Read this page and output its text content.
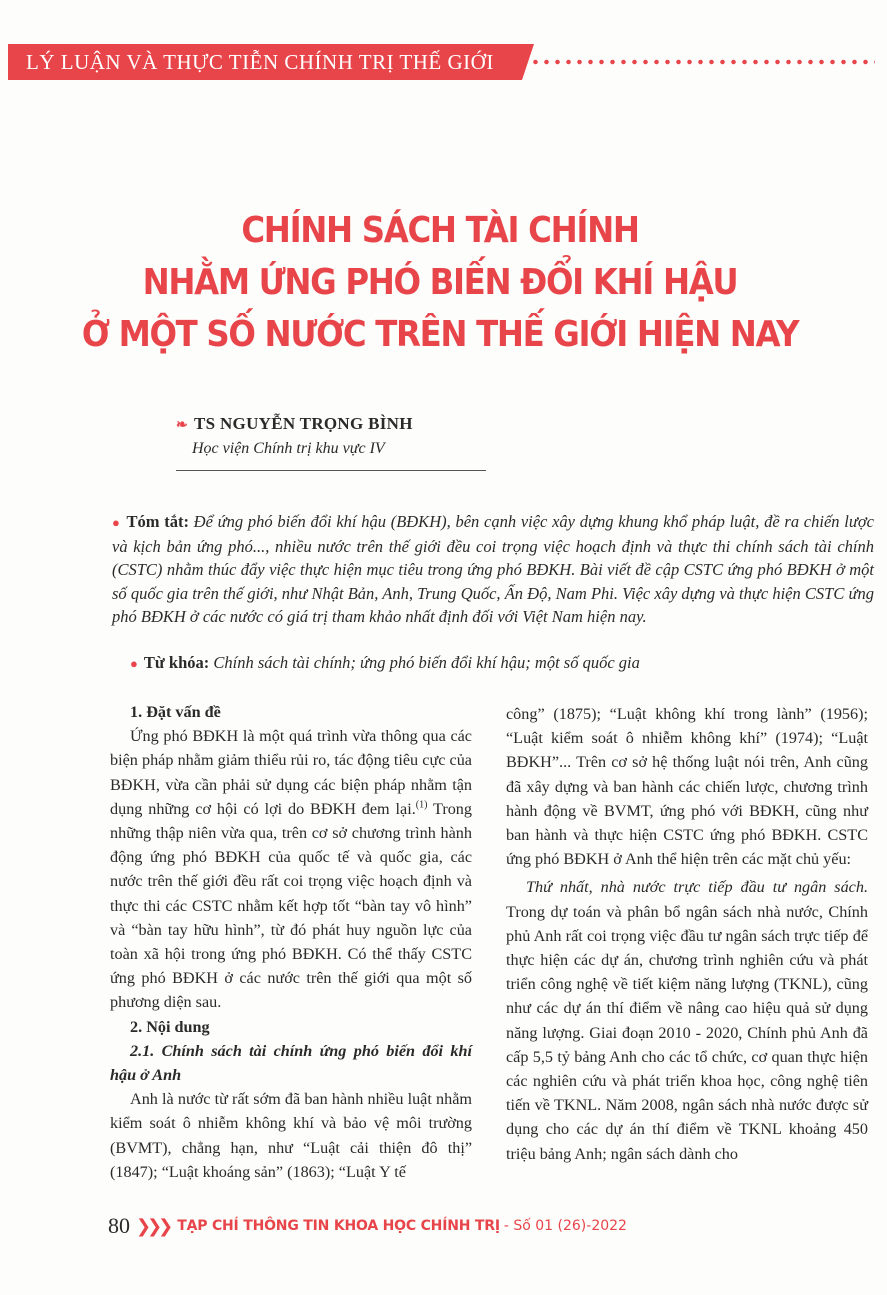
LÝ LUẬN VÀ THỰC TIỄN CHÍNH TRỊ THẾ GIỚI
CHÍNH SÁCH TÀI CHÍNH
NHẰM ỨNG PHÓ BIẾN ĐỔI KHÍ HẬU
Ở MỘT SỐ NƯỚC TRÊN THẾ GIỚI HIỆN NAY
❧ TS NGUYỄN TRỌNG BÌNH
Học viện Chính trị khu vực IV
● Tóm tắt: Để ứng phó biến đổi khí hậu (BĐKH), bên cạnh việc xây dựng khung khổ pháp luật, đề ra chiến lược và kịch bản ứng phó..., nhiều nước trên thế giới đều coi trọng việc hoạch định và thực thi chính sách tài chính (CSTC) nhằm thúc đẩy việc thực hiện mục tiêu trong ứng phó BĐKH. Bài viết đề cập CSTC ứng phó BĐKH ở một số quốc gia trên thế giới, như Nhật Bản, Anh, Trung Quốc, Ấn Độ, Nam Phi. Việc xây dựng và thực hiện CSTC ứng phó BĐKH ở các nước có giá trị tham khảo nhất định đối với Việt Nam hiện nay.
● Từ khóa: Chính sách tài chính; ứng phó biến đổi khí hậu; một số quốc gia
1. Đặt vấn đề

Ứng phó BĐKH là một quá trình vừa thông qua các biện pháp nhằm giảm thiểu rủi ro, tác động tiêu cực của BĐKH, vừa cần phải sử dụng các biện pháp nhằm tận dụng những cơ hội có lợi do BĐKH đem lại.$^{(1)}$ Trong những thập niên vừa qua, trên cơ sở chương trình hành động ứng phó BĐKH của quốc tế và quốc gia, các nước trên thế giới đều rất coi trọng việc hoạch định và thực thi các CSTC nhằm kết hợp tốt “bàn tay vô hình” và “bàn tay hữu hình”, từ đó phát huy nguồn lực của toàn xã hội trong ứng phó BĐKH. Có thể thấy CSTC ứng phó BĐKH ở các nước trên thế giới qua một số phương diện sau.

2. Nội dung
2.1. Chính sách tài chính ứng phó biến đổi khí hậu ở Anh

Anh là nước từ rất sớm đã ban hành nhiều luật nhằm kiểm soát ô nhiễm không khí và bảo vệ môi trường (BVMT), chẳng hạn, như “Luật cải thiện đô thị” (1847); “Luật khoáng sản” (1863); “Luật Y tế

công” (1875); “Luật không khí trong lành” (1956); “Luật kiểm soát ô nhiễm không khí” (1974); “Luật BĐKH”... Trên cơ sở hệ thống luật nói trên, Anh cũng đã xây dựng và ban hành các chiến lược, chương trình hành động về BVMT, ứng phó với BĐKH, cũng như ban hành và thực hiện CSTC ứng phó BĐKH. CSTC ứng phó BĐKH ở Anh thể hiện trên các mặt chủ yếu:

Thứ nhất, nhà nước trực tiếp đầu tư ngân sách. Trong dự toán và phân bổ ngân sách nhà nước, Chính phủ Anh rất coi trọng việc đầu tư ngân sách trực tiếp để thực hiện các dự án, chương trình nghiên cứu và phát triển công nghệ về tiết kiệm năng lượng (TKNL), cũng như các dự án thí điểm về nâng cao hiệu quả sử dụng năng lượng. Giai đoạn 2010 - 2020, Chính phủ Anh đã cấp 5,5 tỷ bảng Anh cho các tổ chức, cơ quan thực hiện các nghiên cứu và phát triển khoa học, công nghệ tiên tiến về TKNL. Năm 2008, ngân sách nhà nước được sử dụng cho các dự án thí điểm về TKNL khoảng 450 triệu bảng Anh; ngân sách dành cho

80 ❯❯❯ TẠP CHÍ THÔNG TIN KHOA HỌC CHÍNH TRỊ - Số 01 (26)-2022
